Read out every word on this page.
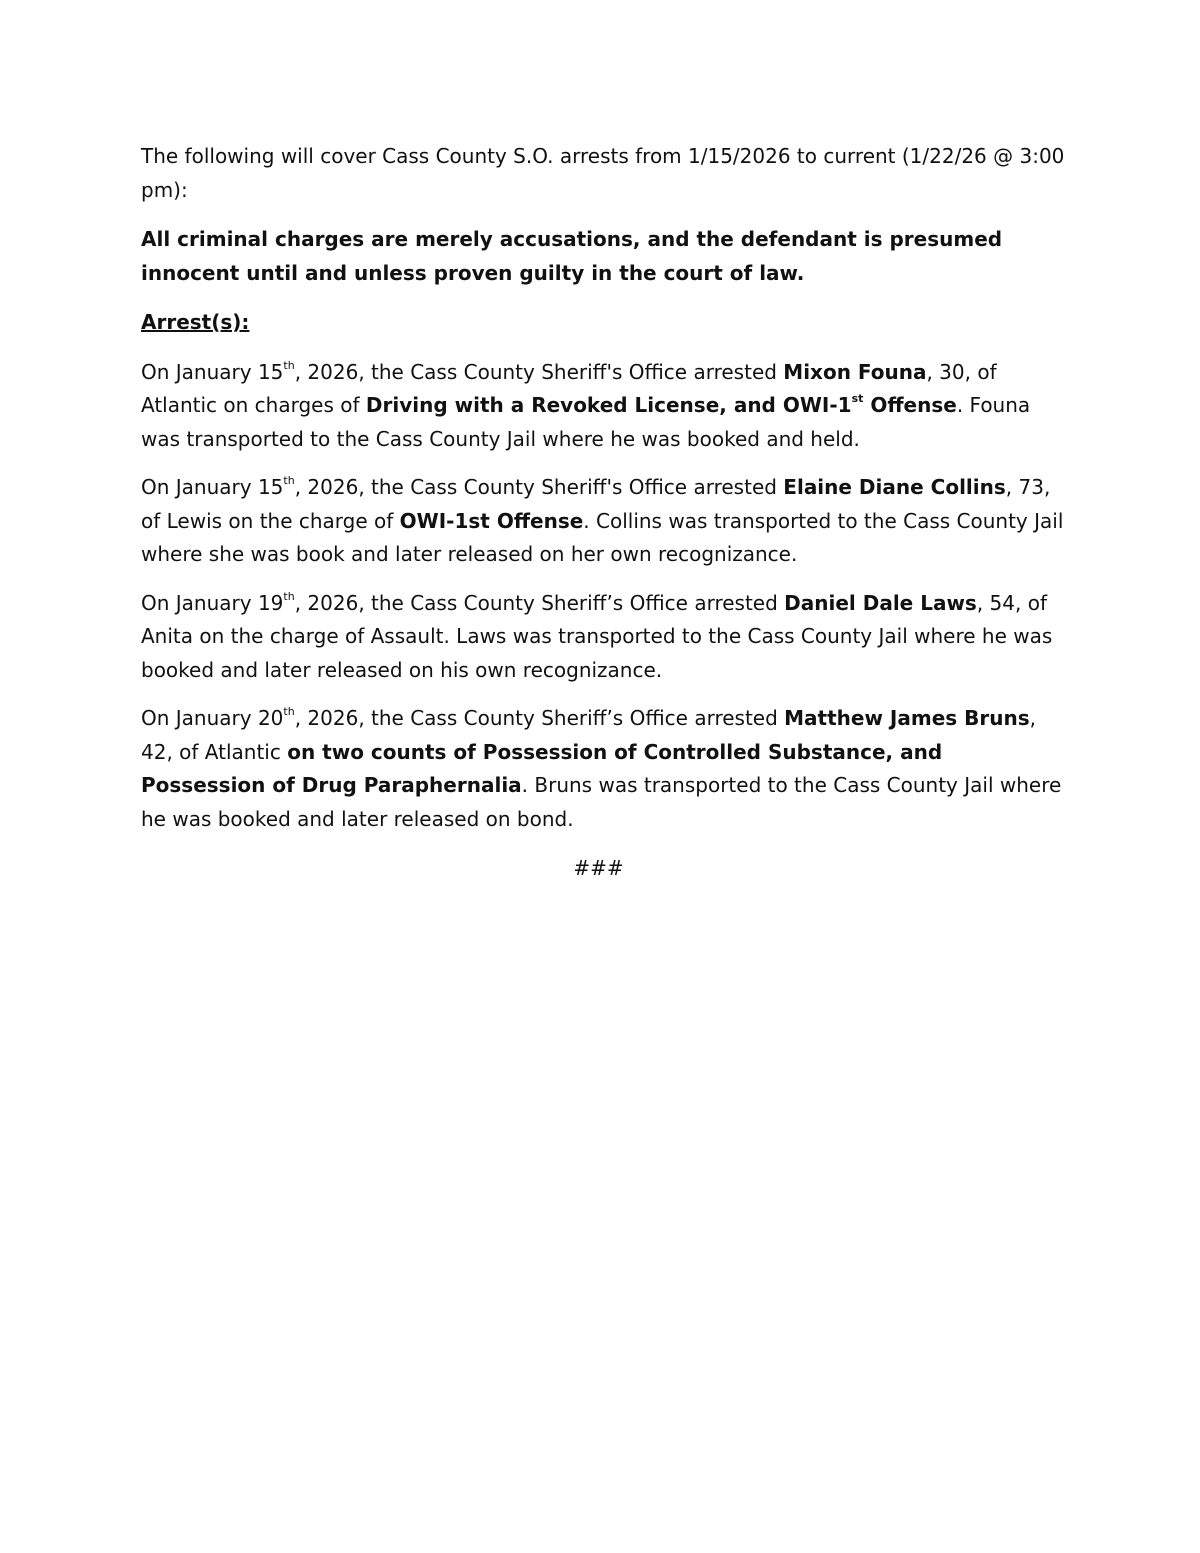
The following will cover Cass County S.O. arrests from 1/15/2026 to current (1/22/26 @ 3:00 pm):

All criminal charges are merely accusations, and the defendant is presumed innocent until and unless proven guilty in the court of law.

Arrest(s):

On January 15th, 2026, the Cass County Sheriff's Office arrested Mixon Founa, 30, of Atlantic on charges of Driving with a Revoked License, and OWI-1st Offense. Founa was transported to the Cass County Jail where he was booked and held.

On January 15th, 2026, the Cass County Sheriff's Office arrested Elaine Diane Collins, 73, of Lewis on the charge of OWI-1st Offense. Collins was transported to the Cass County Jail where she was book and later released on her own recognizance.

On January 19th, 2026, the Cass County Sheriff’s Office arrested Daniel Dale Laws, 54, of Anita on the charge of Assault. Laws was transported to the Cass County Jail where he was booked and later released on his own recognizance.

On January 20th, 2026, the Cass County Sheriff’s Office arrested Matthew James Bruns, 42, of Atlantic on two counts of Possession of Controlled Substance, and Possession of Drug Paraphernalia. Bruns was transported to the Cass County Jail where he was booked and later released on bond.

###
